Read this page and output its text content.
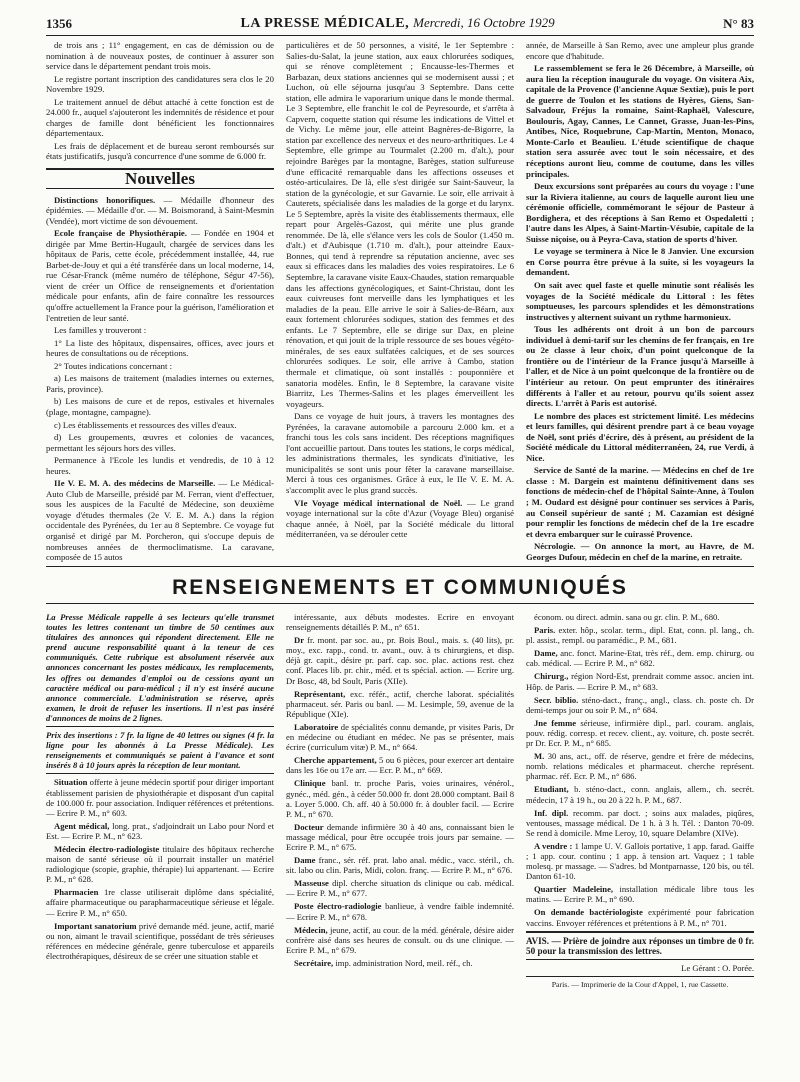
1356	LA PRESSE MÉDICALE, Mercredi, 16 Octobre 1929	N° 83

de trois ans ; 11° engagement, en cas de démission ou de nomination à de nouveaux postes, de continuer à assurer son service dans le département pendant trois mois.

Le registre portant inscription des candidatures sera clos le 20 Novembre 1929.

Le traitement annuel de début attaché à cette fonction est de 24.000 fr., auquel s'ajouteront les indemnités de résidence et pour charges de famille dont bénéficient les fonctionnaires départementaux.

Les frais de déplacement et de bureau seront remboursés sur états justificatifs, jusqu'à concurrence d'une somme de 6.000 fr.

Nouvelles

Distinctions honorifiques. — Médaille d'honneur des épidémies. — Médaille d'or. — M. Boismorand, à Saint-Mesmin (Vendée), mort victime de son dévouement.

Ecole française de Physiothérapie. — Fondée en 1904 et dirigée par Mme Bertin-Hugault, chargée de services dans les hôpitaux de Paris, cette école, précédemment installée, 44, rue Barbet-de-Jouy et qui a été transférée dans un local moderne, 14, rue César-Franck (même numéro de téléphone, Ségur 47-56), vient de créer un Office de renseignements et d'orientation médicale pour enfants, afin de faire connaître les ressources qu'offre actuellement la France pour la guérison, l'amélioration et l'entretien de leur santé.

Les familles y trouveront :

1° La liste des hôpitaux, dispensaires, offices, avec jours et heures de consultations ou de réceptions.

2° Toutes indications concernant :

a) Les maisons de traitement (maladies internes ou externes, Paris, province).

b) Les maisons de cure et de repos, estivales et hivernales (plage, montagne, campagne).

c) Les établissements et ressources des villes d'eaux.

d) Les groupements, œuvres et colonies de vacances, permettant les séjours hors des villes.

Permanence à l'Ecole les lundis et vendredis, de 10 à 12 heures.

IIe V. E. M. A. des médecins de Marseille. — Le Médical-Auto Club de Marseille, présidé par M. Ferran, vient d'effectuer, sous les auspices de la Faculté de Médecine, son deuxième voyage d'études thermales (2e V. E. M. A.) dans la région occidentale des Pyrénées, du 1er au 8 Septembre. Ce voyage fut organisé et dirigé par M. Porcheron, qui s'occupe depuis de nombreuses années de thermoclimatisme. La caravane, composée de 15 autos

particulières et de 50 personnes, a visité, le 1er Septembre : Salies-du-Salat, la jeune station, aux eaux chlorurées sodiques, qui se rénove complètement ; Encausse-les-Thermes et Barbazan, deux stations anciennes qui se modernisent aussi ; et Luchon, où elle séjourna jusqu'au 3 Septembre. Dans cette station, elle admira le vaporarium unique dans le monde thermal. Le 3 Septembre, elle franchit le col de Peyresourde, et s'arrêta à Capvern, coquette station qui résume les indications de Vittel et de Vichy. Le même jour, elle atteint Bagnères-de-Bigorre, la station par excellence des nerveux et des neuro-arthritiques. Le 4 Septembre, elle grimpe au Tourmalet (2.200 m. d'alt.), pour rejoindre Barèges par la montagne, Barèges, station sulfureuse d'une efficacité remarquable dans les affections osseuses et ostéo-articulaires. De là, elle s'est dirigée sur Saint-Sauveur, la station de la gynécologie, et sur Gavarnie. Le soir, elle arrivait à Cauterets, spécialisée dans les maladies de la gorge et du larynx. Le 5 Septembre, après la visite des établissements thermaux, elle repart pour Argelès-Gazost, qui mérite une plus grande renommée. De là, elle s'élance vers les cols de Soulor (1.450 m. d'alt.) et d'Aubisque (1.710 m. d'alt.), pour atteindre Eaux-Bonnes, qui tend à reprendre sa réputation ancienne, avec ses eaux si efficaces dans les maladies des voies respiratoires. Le 6 Septembre, la caravane visite Eaux-Chaudes, station remarquable dans les affections gynécologiques, et Saint-Christau, dont les eaux cuivreuses font merveille dans les lymphatiques et les maladies de la peau. Elle arrive le soir à Salies-de-Béarn, aux eaux fortement chlorurées sodiques, station des femmes et des enfants. Le 7 Septembre, elle se dirige sur Dax, en pleine rénovation, et qui jouit de la triple ressource de ses boues végéto-minérales, de ses eaux sulfatées calciques, et de ses sources chlorurées sodiques. Le soir, elle arrive à Cambo, station thermale et climatique, où sont installés : pouponnière et sanatoria modèles. Enfin, le 8 Septembre, la caravane visite Biarritz, Les Thermes-Salins et les plages émerveillent les voyageurs.

Dans ce voyage de huit jours, à travers les montagnes des Pyrénées, la caravane automobile a parcouru 2.000 km. et a franchi tous les cols sans incident. Des réceptions magnifiques l'ont accueillie partout. Dans toutes les stations, le corps médical, les administrations thermales, les syndicats d'initiative, les municipalités se sont unis pour fêter la caravane marseillaise. Merci à tous ces organismes. Grâce à eux, le IIe V. E. M. A. s'accomplit avec le plus grand succès.

VIe Voyage médical international de Noël. — Le grand voyage international sur la côte d'Azur (Voyage Bleu) organisé chaque année, à Noël, par la Société médicale du littoral méditerranéen, va se dérouler cette

année, de Marseille à San Remo, avec une ampleur plus grande encore que d'habitude.

Le rassemblement se fera le 26 Décembre, à Marseille, où aura lieu la réception inaugurale du voyage. On visitera Aix, capitale de la Provence (l'ancienne Aquæ Sextiæ), puis le port de guerre de Toulon et les stations de Hyères, Giens, San-Salvadour, Fréjus la romaine, Saint-Raphaël, Valescure, Boulouris, Agay, Cannes, Le Cannet, Grasse, Juan-les-Pins, Antibes, Nice, Roquebrune, Cap-Martin, Menton, Monaco, Monte-Carlo et Beaulieu. L'étude scientifique de chaque station sera assurée avec tout le soin nécessaire, et des réceptions auront lieu, comme de coutume, dans les villes principales.

Deux excursions sont préparées au cours du voyage : l'une sur la Riviera italienne, au cours de laquelle auront lieu une cérémonie officielle, commémorant le séjour de Pasteur à Bordighera, et des réceptions à San Remo et Ospedaletti ; l'autre dans les Alpes, à Saint-Martin-Vésubie, capitale de la Suisse niçoise, ou à Peyra-Cava, station de sports d'hiver.

Le voyage se terminera à Nice le 8 Janvier. Une excursion en Corse pourra être prévue à la suite, si les voyageurs la demandent.

On sait avec quel faste et quelle minutie sont réalisés les voyages de la Société médicale du Littoral : les fêtes somptueuses, les parcours splendides et les démonstrations instructives y alternent suivant un rythme harmonieux.

Tous les adhérents ont droit à un bon de parcours individuel à demi-tarif sur les chemins de fer français, en 1re ou 2e classe à leur choix, d'un point quelconque de la frontière ou de l'intérieur de la France jusqu'à Marseille à l'aller, et de Nice à un point quelconque de la frontière ou de l'intérieur au retour. On peut emprunter des itinéraires différents à l'aller et au retour, pourvu qu'ils soient assez directs. L'arrêt à Paris est autorisé.

Le nombre des places est strictement limité. Les médecins et leurs familles, qui désirent prendre part à ce beau voyage de Noël, sont priés d'écrire, dès à présent, au président de la Société médicale du Littoral méditerranéen, 24, rue Verdi, à Nice.

Service de Santé de la marine. — Médecins en chef de 1re classe : M. Dargein est maintenu définitivement dans ses fonctions de médecin-chef de l'hôpital Sainte-Anne, à Toulon ; M. Oudard est désigné pour continuer ses services à Paris, au Conseil supérieur de santé ; M. Cazamian est désigné pour remplir les fonctions de médecin chef de la 1re escadre et devra embarquer sur le cuirassé Provence.

Nécrologie. — On annonce la mort, au Havre, de M. Georges Dufour, médecin en chef de la marine, en retraite.

RENSEIGNEMENTS ET COMMUNIQUÉS

La Presse Médicale rappelle à ses lecteurs qu'elle transmet toutes les lettres contenant un timbre de 50 centimes aux titulaires des annonces qui répondent directement. Elle ne prend aucune responsabilité quant à la teneur de ces communiqués. Cette rubrique est absolument réservée aux annonces concernant les postes médicaux, les remplacements, les offres ou demandes d'emploi ou de cessions ayant un caractère médical ou para-médical ; il n'y est inséré aucune annonce commerciale. L'administration se réserve, après examen, le droit de refuser les insertions. Il n'est pas inséré d'annonces de moins de 2 lignes.

Prix des insertions : 7 fr. la ligne de 40 lettres ou signes (4 fr. la ligne pour les abonnés à La Presse Médicale). Les renseignements et communiqués se paient à l'avance et sont insérés 8 à 10 jours après la réception de leur montant.

Situation offerte à jeune médecin sportif pour diriger important établissement parisien de physiothérapie et disposant d'un capital de 100.000 fr. pour association. Indiquer références et prétentions. — Ecrire P. M., n° 603.

Agent médical, long. prat., s'adjoindrait un Labo pour Nord et Est. — Ecrire P. M., n° 623.

Médecin électro-radiologiste titulaire des hôpitaux recherche maison de santé sérieuse où il pourrait installer un matériel radiologique (scopie, graphie, thérapie) lui appartenant. — Ecrire P. M., n° 628.

Pharmacien 1re classe utiliserait diplôme dans spécialité, affaire pharmaceutique ou parapharmaceutique sérieuse et légale. — Ecrire P. M., n° 650.

Important sanatorium privé demande méd. jeune, actif, marié ou non, aimant le travail scientifique, possédant de très sérieuses références en médecine générale, genre tuberculose et appareils électrothérapiques, désireux de se créer une situation stable et

intéressante, aux débuts modestes. Ecrire en envoyant renseignements détaillés P. M., n° 651.

Dr fr. mont. par soc. au., pr. Bois Boul., mais. s. (40 lits), pr. moy., exc. rapp., cond. tr. avant., ouv. à ts chirurgiens, et disp. déjà gr. capit., désire pr. parf. cap. soc. plac. actions rest. chez conf. Places lib. pr. chir., méd. et ts spécial. action. — Ecrire urg. Dr Bosc, 48, bd Soult, Paris (XIIe).

Représentant, exc. référ., actif, cherche laborat. spécialités pharmaceut. sér. Paris ou banl. — M. Lesimple, 59, avenue de la République (XIe).

Laboratoire de spécialités connu demande, pr visites Paris, Dr en médecine ou étudiant en médec. Ne pas se présenter, mais écrire (curriculum vitæ) P. M., n° 664.

Cherche appartement, 5 ou 6 pièces, pour exercer art dentaire dans les 16e ou 17e arr. — Ecr. P. M., n° 669.

Clinique banl. tr. proche Paris, voies urinaires, vénérol., gynéc., méd. gén., à céder 50.000 fr. dont 28.000 comptant. Bail 8 a. Loyer 5.000. Ch. aff. 40 à 50.000 fr. à doubler facil. — Ecrire P. M., n° 670.

Docteur demande infirmière 30 à 40 ans, connaissant bien le massage médical, pour être occupée trois jours par semaine. — Ecrire P. M., n° 675.

Dame franc., sér. réf. prat. labo anal. médic., vacc. stéril., ch. sit. labo ou clin. Paris, Midi, colon. franç. — Ecrire P. M., n° 676.

Masseuse dipl. cherche situation ds clinique ou cab. médical. — Ecrire P. M., n° 677.

Poste électro-radiologie banlieue, à vendre faible indemnité. — Ecrire P. M., n° 678.

Médecin, jeune, actif, au cour. de la méd. générale, désire aider confrère aisé dans ses heures de consult. ou ds une clinique. — Ecrire P. M., n° 679.

Secrétaire, imp. administration Nord, meil. réf., ch.

économ. ou direct. admin. sana ou gr. clin. P. M., 680.

Paris. exter. hôp., scolar. term., dipl. Etat, conn. pl. lang., ch. pl. assist., rempl. ou paramédic., P. M., 681.

Dame, anc. fonct. Marine-Etat, très réf., dem. emp. chirurg. ou cab. médical. — Ecrire P. M., n° 682.

Chirurg., région Nord-Est, prendrait comme assoc. ancien int. Hôp. de Paris. — Ecrire P. M., n° 683.

Secr. biblio. sténo-dact., franç., angl., class. ch. poste ch. Dr demi-temps jour ou soir P. M., n° 684.

Jne femme sérieuse, infirmière dipl., parl. couram. anglais, pouv. rédig. corresp. et recev. client., ay. voiture, ch. poste secrét. pr Dr. Ecr. P. M., n° 685.

M. 30 ans, act., off. de réserve, gendre et frère de médecins, nomb. relations médicales et pharmaceut. cherche représent. pharmac. réf. Ecr. P. M., n° 686.

Etudiant, b. sténo-dact., conn. anglais, allem., ch. secrét. médecin, 17 à 19 h., ou 20 à 22 h. P. M., 687.

Inf. dipl. recomm. par doct. ; soins aux malades, piqûres, ventouses, massage médical. De 1 h. à 3 h. Tél. : Danton 70-09. Se rend à domicile. Mme Leroy, 10, square Delambre (XIVe).

A vendre : 1 lampe U. V. Gallois portative, 1 app. farad. Gaiffe ; 1 app. cour. continu ; 1 app. à tension art. Vaquez ; 1 table molesq. pr massage. — S'adres. bd Montparnasse, 120 bis, ou tél. Danton 61-10.

Quartier Madeleine, installation médicale libre tous les matins. — Ecrire P. M., n° 690.

On demande bactériologiste expérimenté pour fabrication vaccins. Envoyer références et prétentions à P. M., n° 701.

AVIS. — Prière de joindre aux réponses un timbre de 0 fr. 50 pour la transmission des lettres.

Le Gérant : O. Porée.

Paris. — Imprimerie de la Cour d'Appel, 1, rue Cassette.
